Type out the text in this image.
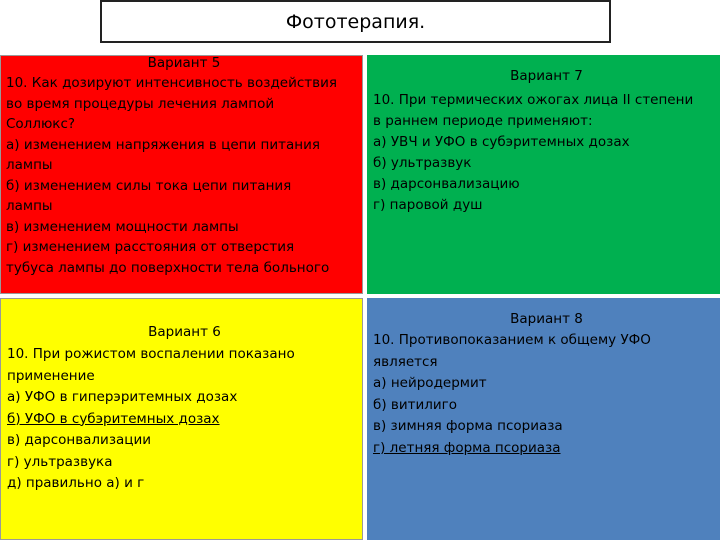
Фототерапия.
Вариант 5
10. Как дозируют интенсивность воздействия
во время процедуры лечения лампой
Соллюкс?
а) изменением напряжения в цепи питания
лампы
б) изменением силы тока цепи питания
лампы
в) изменением мощности лампы
г) изменением расстояния от отверстия
тубуса лампы до поверхности тела больного
Вариант 7
10. При термических ожогах лица II степени
в раннем периоде применяют:
а) УВЧ и УФО в субэритемных дозах
б) ультразвук
в) дарсонвализацию
г) паровой душ
Вариант 6
10. При рожистом воспалении показано
применение
а) УФО в гиперэритемных дозах
б) УФО в субэритемных дозах
в) дарсонвализации
г) ультразвука
д) правильно а) и г
Вариант 8
10. Противопоказанием к общему УФО
является
а) нейродермит
б) витилиго
в) зимняя форма псориаза
г) летняя форма псориаза
